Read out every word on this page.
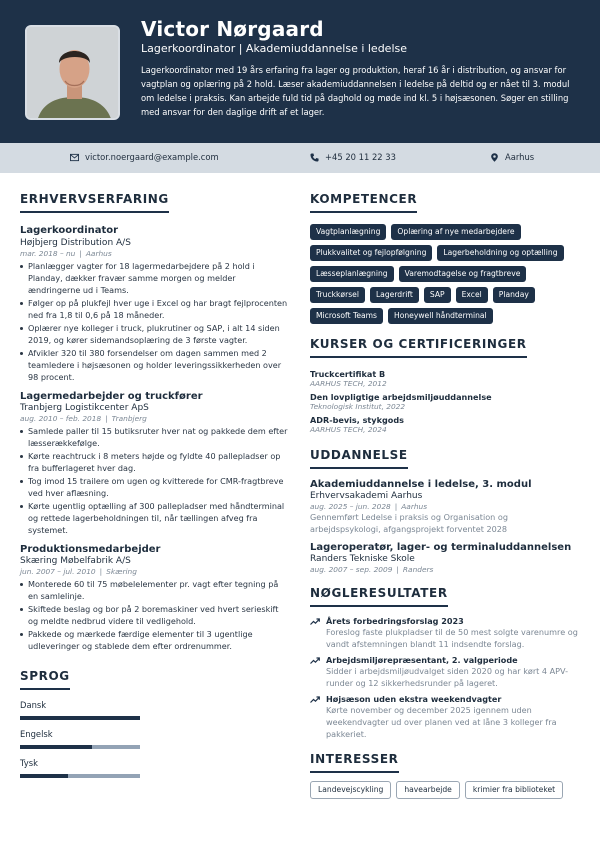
Victor Nørgaard
Lagerkoordinator | Akademiuddannelse i ledelse
Lagerkoordinator med 19 års erfaring fra lager og produktion, heraf 16 år i distribution, og ansvar for vagtplan og oplæring på 2 hold. Læser akademiuddannelsen i ledelse på deltid og er nået til 3. modul om ledelse i praksis. Kan arbejde fuld tid på daghold og møde ind kl. 5 i højsæsonen. Søger en stilling med ansvar for den daglige drift af et lager.
victor.noergaard@example.com	+45 20 11 22 33	Aarhus
ERHVERVSERFARING
Lagerkoordinator
Højbjerg Distribution A/S
mar. 2018 – nu | Aarhus
Planlægger vagter for 18 lagermedarbejdere på 2 hold i Planday, dækker fravær samme morgen og melder ændringerne ud i Teams.
Følger op på plukfejl hver uge i Excel og har bragt fejlprocenten ned fra 1,8 til 0,6 på 18 måneder.
Oplærer nye kolleger i truck, plukrutiner og SAP, i alt 14 siden 2019, og kører sidemandsoplæring de 3 første vagter.
Afvikler 320 til 380 forsendelser om dagen sammen med 2 teamledere i højsæsonen og holder leveringssikkerheden over 98 procent.
Lagermedarbejder og truckfører
Tranbjerg Logistikcenter ApS
aug. 2010 – feb. 2018 | Tranbjerg
Samlede paller til 15 butiksruter hver nat og pakkede dem efter læsserækkefølge.
Kørte reachtruck i 8 meters højde og fyldte 40 pallepladser op fra bufferlageret hver dag.
Tog imod 15 trailere om ugen og kvitterede for CMR-fragtbreve ved hver aflæsning.
Kørte ugentlig optælling af 300 pallepladser med håndterminal og rettede lagerbeholdningen til, når tællingen afveg fra systemet.
Produktionsmedarbejder
Skæring Møbelfabrik A/S
jun. 2007 – jul. 2010 | Skæring
Monterede 60 til 75 møbelelementer pr. vagt efter tegning på en samlelinje.
Skiftede beslag og bor på 2 boremaskiner ved hvert serieskift og meldte nedbrud videre til vedligehold.
Pakkede og mærkede færdige elementer til 3 ugentlige udleveringer og stablede dem efter ordrenummer.
SPROG
Dansk
Engelsk
Tysk
KOMPETENCER
Vagtplanlægning	Oplæring af nye medarbejdere
Plukkvalitet og fejlopfølgning	Lagerbeholdning og optælling
Læsseplanlægning	Varemodtagelse og fragtbreve
Truckkørsel	Lagerdrift	SAP	Excel	Planday
Microsoft Teams	Honeywell håndterminal
KURSER OG CERTIFICERINGER
Truckcertifikat B
AARHUS TECH, 2012
Den lovpligtige arbejdsmiljøuddannelse
Teknologisk Institut, 2022
ADR-bevis, stykgods
AARHUS TECH, 2024
UDDANNELSE
Akademiuddannelse i ledelse, 3. modul
Erhvervsakademi Aarhus
aug. 2025 – jun. 2028 | Aarhus
Gennemført Ledelse i praksis og Organisation og arbejdspsykologi, afgangsprojekt forventet 2028
Lageroperatør, lager- og terminaluddannelsen
Randers Tekniske Skole
aug. 2007 – sep. 2009 | Randers
NØGLERESULTATER
Årets forbedringsforslag 2023
Foreslog faste plukpladser til de 50 mest solgte varenumre og vandt afstemningen blandt 11 indsendte forslag.
Arbejdsmiljørepræsentant, 2. valgperiode
Sidder i arbejdsmiljøudvalget siden 2020 og har kørt 4 APV-runder og 12 sikkerhedsrunder på lageret.
Højsæson uden ekstra weekendvagter
Kørte november og december 2025 igennem uden weekendvagter ud over planen ved at låne 3 kolleger fra pakkeriet.
INTERESSER
Landevejscykling	havearbejde	krimier fra biblioteket
